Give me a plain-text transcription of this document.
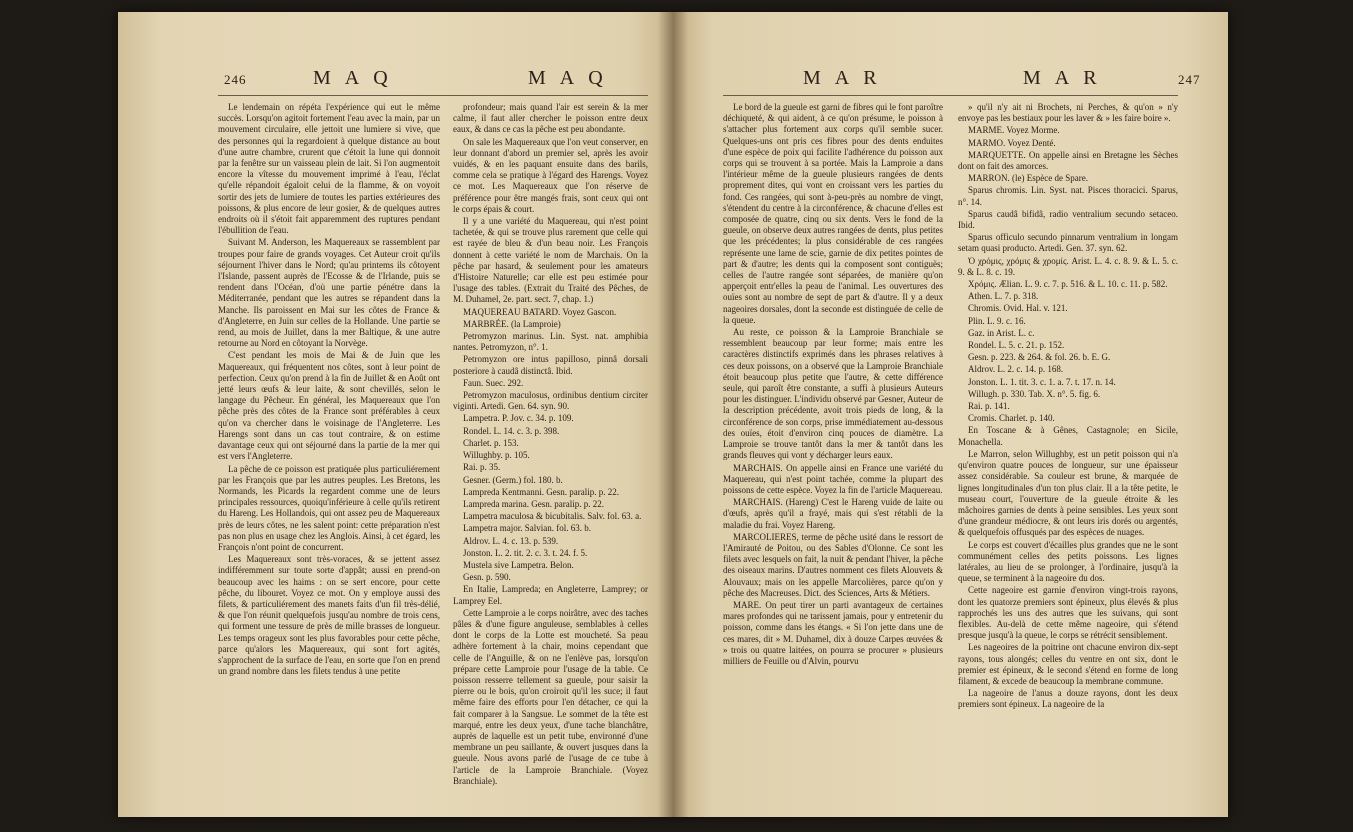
246	MAQ	MAQ

Le lendemain on répéta l'expérience qui eut le même succès. Lorsqu'on agitoit fortement l'eau avec la main, par un mouvement circulaire, elle jettoit une lumiere si vive, que des personnes qui la regardoient à quelque distance au bout d'une autre chambre, crurent que c'étoit la lune qui donnoit par la fenêtre sur un vaisseau plein de lait. Si l'on augmentoit encore la vîtesse du mouvement imprimé à l'eau, l'éclat qu'elle répandoit égaloit celui de la flamme, & on voyoit sortir des jets de lumiere de toutes les parties extérieures des poissons, & plus encore de leur gosier, & de quelques autres endroits où il s'étoit fait apparemment des ruptures pendant l'ébullition de l'eau.

Suivant M. Anderson, les Maquereaux se rassemblent par troupes pour faire de grands voyages. Cet Auteur croit qu'ils séjournent l'hiver dans le Nord; qu'au printems ils côtoyent l'Islande, passent auprès de l'Ecosse & de l'Irlande, puis se rendent dans l'Océan, d'où une partie pénétre dans la Méditerranée, pendant que les autres se répandent dans la Manche. Ils paroissent en Mai sur les côtes de France & d'Angleterre, en Juin sur celles de la Hollande. Une partie se rend, au mois de Juillet, dans la mer Baltique, & une autre retourne au Nord en côtoyant la Norvège.

C'est pendant les mois de Mai & de Juin que les Maquereaux, qui fréquentent nos côtes, sont à leur point de perfection. Ceux qu'on prend à la fin de Juillet & en Août ont jetté leurs œufs & leur laite, & sont chevillés, selon le langage du Pêcheur. En général, les Maquereaux que l'on pêche près des côtes de la France sont préférables à ceux qu'on va chercher dans le voisinage de l'Angleterre. Les Harengs sont dans un cas tout contraire, & on estime davantage ceux qui ont séjourné dans la partie de la mer qui est vers l'Angleterre.

La pêche de ce poisson est pratiquée plus particuliérement par les François que par les autres peuples. Les Bretons, les Normands, les Picards la regardent comme une de leurs principales ressources, quoiqu'inférieure à celle qu'ils retirent du Hareng. Les Hollandois, qui ont assez peu de Maquereaux près de leurs côtes, ne les salent point: cette préparation n'est pas non plus en usage chez les Anglois. Ainsi, à cet égard, les François n'ont point de concurrent.

Les Maquereaux sont très-voraces, & se jettent assez indifféremment sur toute sorte d'appât; aussi en prend-on beaucoup avec les haims : on se sert encore, pour cette pêche, du libouret. Voyez ce mot. On y employe aussi des filets, & particuliérement des manets faits d'un fil très-délié, & que l'on réunit quelquefois jusqu'au nombre de trois cens, qui forment une tessure de près de mille brasses de longueur. Les temps orageux sont les plus favorables pour cette pêche, parce qu'alors les Maquereaux, qui sont fort agités, s'approchent de la surface de l'eau, en sorte que l'on en prend un grand nombre dans les filets tendus à une petite

profondeur; mais quand l'air est serein & la mer calme, il faut aller chercher le poisson entre deux eaux, & dans ce cas la pêche est peu abondante.

On sale les Maquereaux que l'on veut conserver, en leur donnant d'abord un premier sel, après les avoir vuidés, & en les paquant ensuite dans des barils, comme cela se pratique à l'égard des Harengs. Voyez ce mot. Les Maquereaux que l'on réserve de préférence pour être mangés frais, sont ceux qui ont le corps épais & court.

Il y a une variété du Maquereau, qui n'est point tachetée, & qui se trouve plus rarement que celle qui est rayée de bleu & d'un beau noir. Les François donnent à cette variété le nom de Marchais. On la pêche par hasard, & seulement pour les amateurs d'Histoire Naturelle; car elle est peu estimée pour l'usage des tables. (Extrait du Traité des Pêches, de M. Duhamel, 2e. part. sect. 7, chap. 1.)

MAQUEREAU BATARD. Voyez Gascon.

MARBRÉE. (la Lamproie)

Petromyzon marinus. Lin. Syst. nat. amphibia nantes. Petromyzon, n°. 1.

Petromyzon ore intus papilloso, pinnâ dorsali posteriore à caudâ distinctâ. Ibid.

Faun. Suec. 292.

Petromyzon maculosus, ordinibus dentium circiter viginti. Artedi. Gen. 64. syn. 90.

Lampetra. P. Jov. c. 34. p. 109.

Rondel. L. 14. c. 3. p. 398.

Charlet. p. 153.

Willughby. p. 105.

Rai. p. 35.

Gesner. (Germ.) fol. 180. b.

Lampreda Kentmanni. Gesn. paralip. p. 22.

Lampreda marina. Gesn. paralip. p. 22.

Lampetra maculosa & bicubitalis. Salv. fol. 63. a.

Lampetra major. Salvian. fol. 63. b.

Aldrov. L. 4. c. 13. p. 539.

Jonston. L. 2. tit. 2. c. 3. t. 24. f. 5.

Mustela sive Lampetra. Belon.

Gesn. p. 590.

En Italie, Lampreda; en Angleterre, Lamprey; or Lamprey Eel.

Cette Lamproie a le corps noirâtre, avec des taches pâles & d'une figure anguleuse, semblables à celles dont le corps de la Lotte est moucheté. Sa peau adhère fortement à la chair, moins cependant que celle de l'Anguille, & on ne l'enlève pas, lorsqu'on prépare cette Lamproie pour l'usage de la table. Ce poisson resserre tellement sa gueule, pour saisir la pierre ou le bois, qu'on croiroit qu'il les suce; il faut même faire des efforts pour l'en détacher, ce qui la fait comparer à la Sangsue. Le sommet de la tête est marqué, entre les deux yeux, d'une tache blanchâtre, auprès de laquelle est un petit tube, environné d'une membrane un peu saillante, & ouvert jusques dans la gueule. Nous avons parlé de l'usage de ce tube à l'article de la Lamproie Branchiale. (Voyez Branchiale).

MAR	MAR	247

Le bord de la gueule est garni de fibres qui le font paroître déchiqueté, & qui aident, à ce qu'on présume, le poisson à s'attacher plus fortement aux corps qu'il semble sucer. Quelques-uns ont pris ces fibres pour des dents enduites d'une espèce de poix qui facilite l'adhérence du poisson aux corps qui se trouvent à sa portée. Mais la Lamproie a dans l'intérieur même de la gueule plusieurs rangées de dents proprement dites, qui vont en croissant vers les parties du fond. Ces rangées, qui sont à-peu-près au nombre de vingt, s'étendent du centre à la circonférence, & chacune d'elles est composée de quatre, cinq ou six dents. Vers le fond de la gueule, on observe deux autres rangées de dents, plus petites que les précédentes; la plus considérable de ces rangées représente une lame de scie, garnie de dix petites pointes de part & d'autre; les dents qui la composent sont contiguës; celles de l'autre rangée sont séparées, de manière qu'on apperçoit entr'elles la peau de l'animal. Les ouvertures des ouïes sont au nombre de sept de part & d'autre. Il y a deux nageoires dorsales, dont la seconde est distinguée de celle de la queue.

Au reste, ce poisson & la Lamproie Branchiale se ressemblent beaucoup par leur forme; mais entre les caractères distinctifs exprimés dans les phrases relatives à ces deux poissons, on a observé que la Lamproie Branchiale étoit beaucoup plus petite que l'autre, & cette différence seule, qui paroît être constante, a suffi à plusieurs Auteurs pour les distinguer. L'individu observé par Gesner, Auteur de la description précédente, avoit trois pieds de long, & la circonférence de son corps, prise immédiatement au-dessous des ouïes, étoit d'environ cinq pouces de diamètre. La Lamproie se trouve tantôt dans la mer & tantôt dans les grands fleuves qui vont y décharger leurs eaux.

MARCHAIS. On appelle ainsi en France une variété du Maquereau, qui n'est point tachée, comme la plupart des poissons de cette espèce. Voyez la fin de l'article Maquereau.

MARCHAIS. (Hareng) C'est le Hareng vuide de laite ou d'œufs, après qu'il a frayé, mais qui s'est rétabli de la maladie du frai. Voyez Hareng.

MARCOLIERES, terme de pêche usité dans le ressort de l'Amirauté de Poitou, ou des Sables d'Olonne. Ce sont les filets avec lesquels on fait, la nuit & pendant l'hiver, la pêche des oiseaux marins. D'autres nomment ces filets Alouvets & Alouvaux; mais on les appelle Marcolières, parce qu'on y pêche des Macreuses. Dict. des Sciences, Arts & Métiers.

MARE. On peut tirer un parti avantageux de certaines mares profondes qui ne tarissent jamais, pour y entretenir du poisson, comme dans les étangs. « Si l'on jette dans une de ces mares, dit » M. Duhamel, dix à douze Carpes œuvées & » trois ou quatre laitées, on pourra se procurer » plusieurs milliers de Feuille ou d'Alvin, pourvu

» qu'il n'y ait ni Brochets, ni Perches, & qu'on » n'y envoye pas les bestiaux pour les laver & » les faire boire ».

MARME. Voyez Morme.

MARMO. Voyez Denté.

MARQUETTE. On appelle ainsi en Bretagne les Sèches dont on fait des amorces.

MARRON. (le) Espèce de Spare.

Sparus chromis. Lin. Syst. nat. Pisces thoracici. Sparus, n°. 14.

Sparus caudâ bifidâ, radio ventralium secundo setaceo. Ibid.

Sparus officulo secundo pinnarum ventralium in longam setam quasi producto. Artedi. Gen. 37. syn. 62.

Ὁ χρόμις, χρόμις & χρομίς. Arist. L. 4. c. 8. 9. & L. 5. c. 9. & L. 8. c. 19.

Χρόμις. Ælian. L. 9. c. 7. p. 516. & L. 10. c. 11. p. 582.

Athen. L. 7. p. 318.

Chromis. Ovid. Hal. v. 121.

Plin. L. 9. c. 16.

Gaz. in Arist. L. c.

Rondel. L. 5. c. 21. p. 152.

Gesn. p. 223. & 264. & fol. 26. b. E. G.

Aldrov. L. 2. c. 14. p. 168.

Jonston. L. 1. tit. 3. c. 1. a. 7. t. 17. n. 14.

Willugh. p. 330. Tab. X. n°. 5. fig. 6.

Rai. p. 141.

Cromis. Charlet. p. 140.

En Toscane & à Gênes, Castagnole; en Sicile, Monachella.

Le Marron, selon Willughby, est un petit poisson qui n'a qu'environ quatre pouces de longueur, sur une épaisseur assez considérable. Sa couleur est brune, & marquée de lignes longitudinales d'un ton plus clair. Il a la tête petite, le museau court, l'ouverture de la gueule étroite & les mâchoires garnies de dents à peine sensibles. Les yeux sont d'une grandeur médiocre, & ont leurs iris dorés ou argentés, & quelquefois offusqués par des espèces de nuages.

Le corps est couvert d'écailles plus grandes que ne le sont communément celles des petits poissons. Les lignes latérales, au lieu de se prolonger, à l'ordinaire, jusqu'à la queue, se terminent à la nageoire du dos.

Cette nageoire est garnie d'environ vingt-trois rayons, dont les quatorze premiers sont épineux, plus élevés & plus rapprochés les uns des autres que les suivans, qui sont flexibles. Au-delà de cette même nageoire, qui s'étend presque jusqu'à la queue, le corps se rétrécit sensiblement.

Les nageoires de la poitrine ont chacune environ dix-sept rayons, tous alongés; celles du ventre en ont six, dont le premier est épineux, & le second s'étend en forme de long filament, & excede de beaucoup la membrane commune.

La nageoire de l'anus a douze rayons, dont les deux premiers sont épineux. La nageoire de la
